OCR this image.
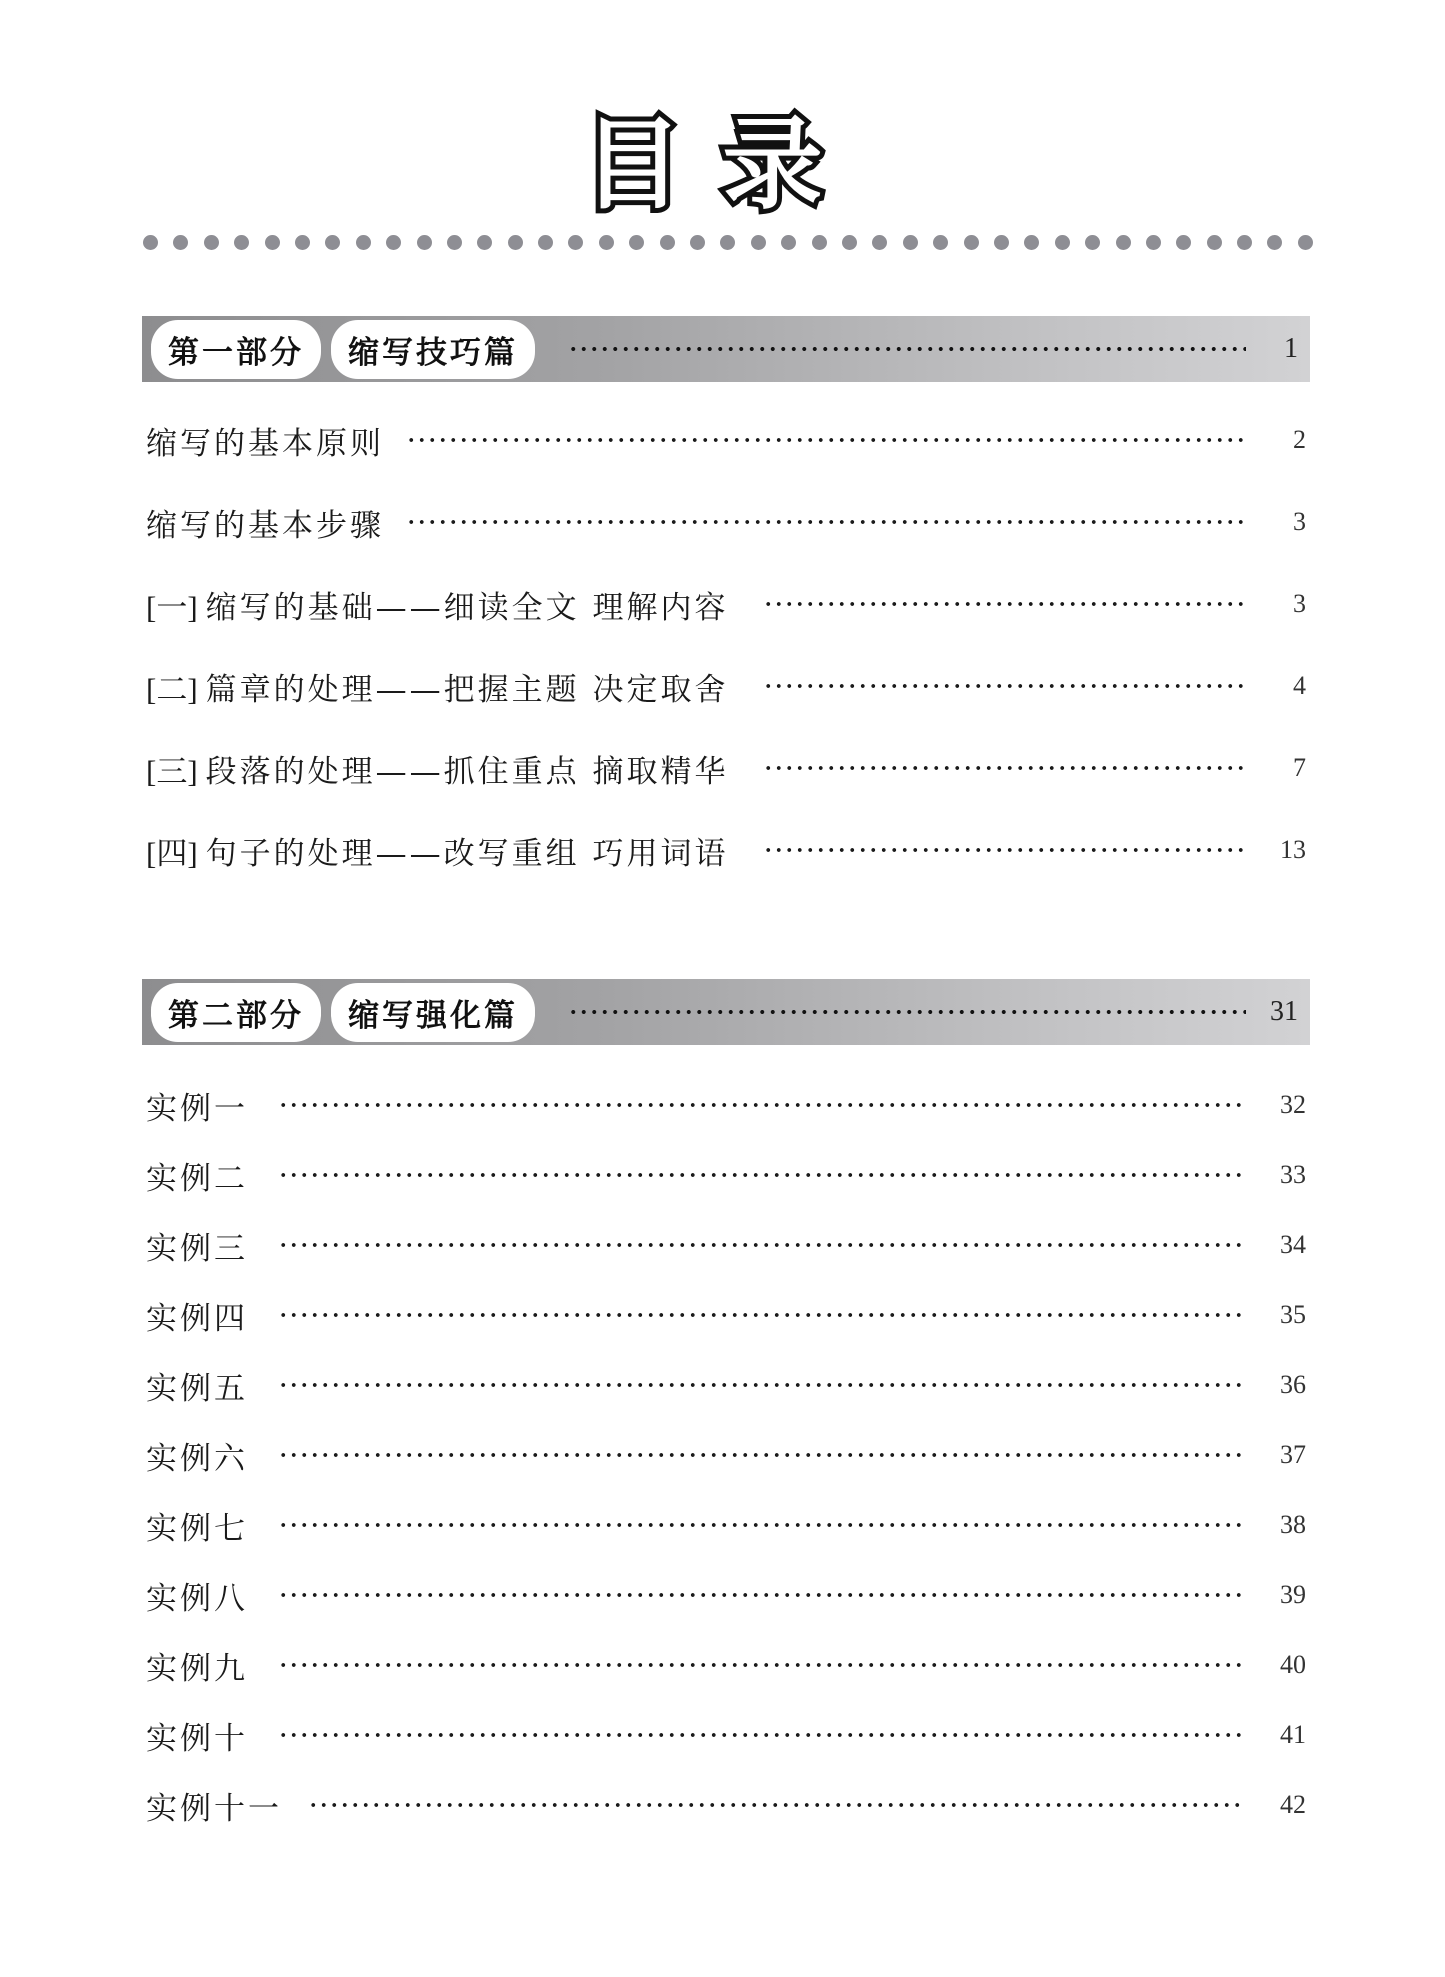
目录
第一部分	缩写技巧篇	1
缩写的基本原则	2
缩写的基本步骤	3
[一] 缩写的基础——细读全文 理解内容	3
[二] 篇章的处理——把握主题 决定取舍	4
[三] 段落的处理——抓住重点 摘取精华	7
[四] 句子的处理——改写重组 巧用词语	13
第二部分	缩写强化篇	31
实例一	32
实例二	33
实例三	34
实例四	35
实例五	36
实例六	37
实例七	38
实例八	39
实例九	40
实例十	41
实例十一	42
